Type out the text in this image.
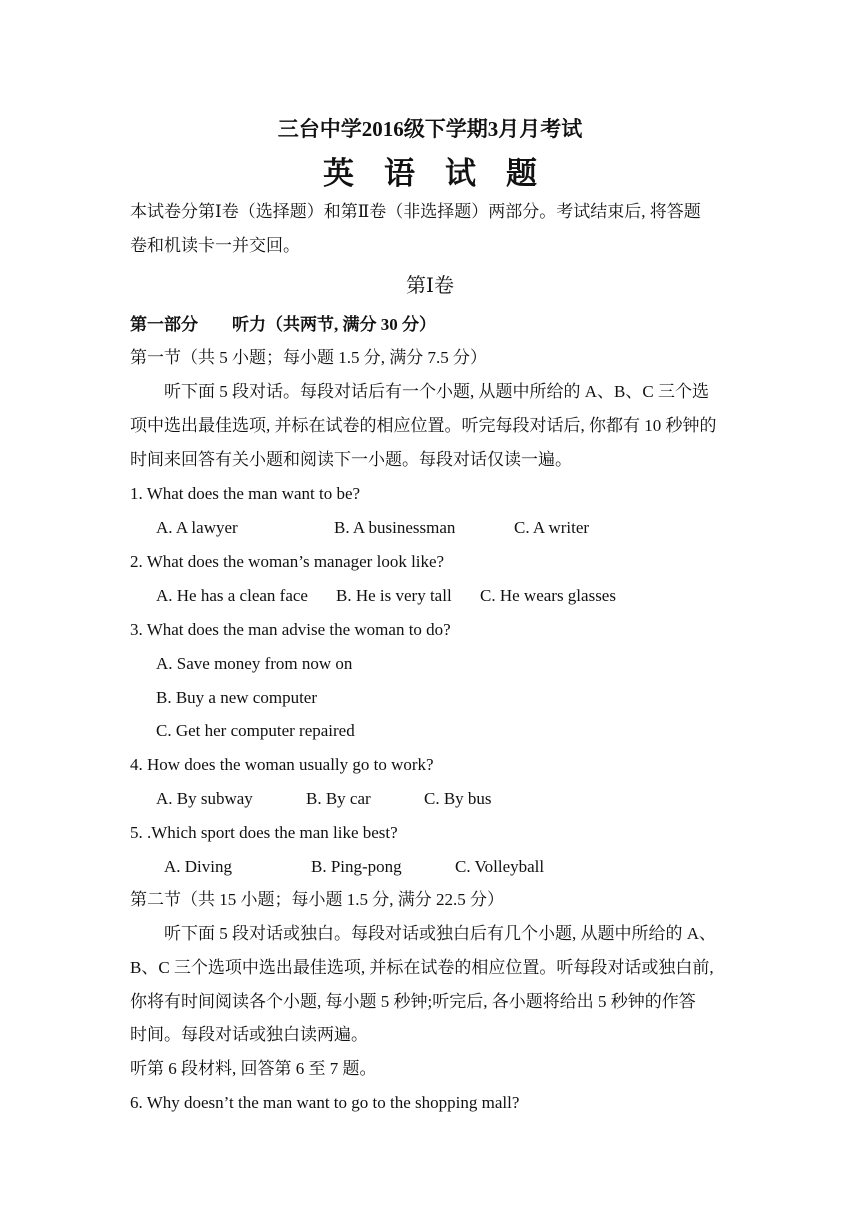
三台中学2016级下学期3月月考试
英语试题
本试卷分第Ⅰ卷（选择题）和第Ⅱ卷（非选择题）两部分。考试结束后, 将答题
卷和机读卡一并交回。
第Ⅰ卷
第一部分　　听力（共两节, 满分 30 分）
第一节（共 5 小题；每小题 1.5 分, 满分 7.5 分）
听下面 5 段对话。每段对话后有一个小题, 从题中所给的 A、B、C 三个选
项中选出最佳选项, 并标在试卷的相应位置。听完每段对话后, 你都有 10 秒钟的
时间来回答有关小题和阅读下一小题。每段对话仅读一遍。
1. What does the man want to be?
A. A lawyer	B. A businessman	C. A writer
2. What does the woman’s manager look like?
A. He has a clean face B. He is very tall C. He wears glasses
3. What does the man advise the woman to do?
A. Save money from now on
B. Buy a new computer
C. Get her computer repaired
4. How does the woman usually go to work?
A. By subway	B. By car	C. By bus
5. .Which sport does the man like best?
A. Diving	B. Ping-pong	C. Volleyball
第二节（共 15 小题；每小题 1.5 分, 满分 22.5 分）
听下面 5 段对话或独白。每段对话或独白后有几个小题, 从题中所给的 A、
B、C 三个选项中选出最佳选项, 并标在试卷的相应位置。听每段对话或独白前,
你将有时间阅读各个小题, 每小题 5 秒钟;听完后, 各小题将给出 5 秒钟的作答
时间。每段对话或独白读两遍。
听第 6 段材料, 回答第 6 至 7 题。
6. Why doesn’t the man want to go to the shopping mall?
